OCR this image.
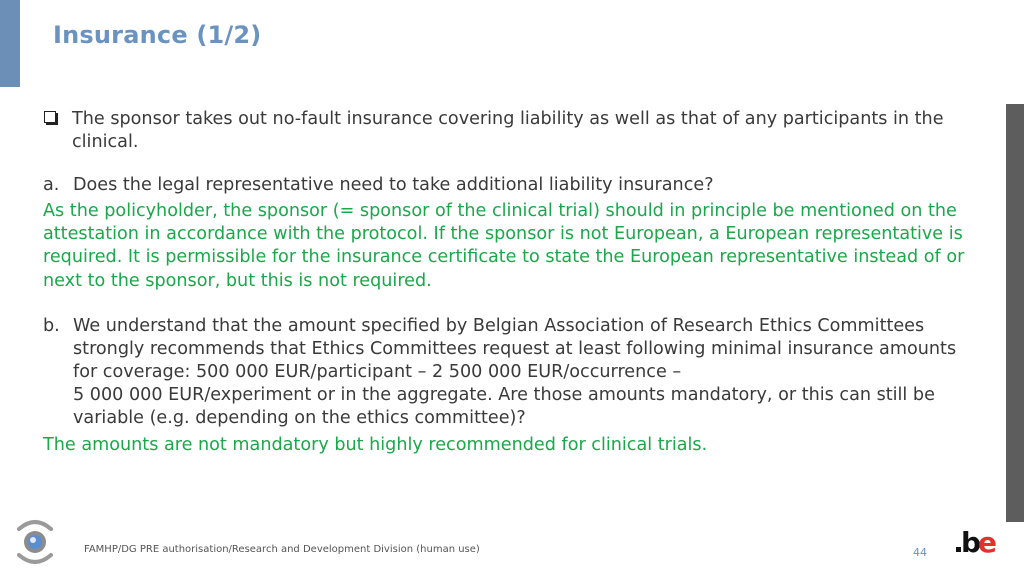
Insurance (1/2)
The sponsor takes out no-fault insurance covering liability as well as that of any participants in the clinical.
a. Does the legal representative need to take additional liability insurance?
As the policyholder, the sponsor (= sponsor of the clinical trial) should in principle be mentioned on the attestation in accordance with the protocol. If the sponsor is not European, a European representative is required. It is permissible for the insurance certificate to state the European representative instead of or next to the sponsor, but this is not required.
b. We understand that the amount specified by Belgian Association of Research Ethics Committees strongly recommends that Ethics Committees request at least following minimal insurance amounts for coverage: 500 000 EUR/participant – 2 500 000 EUR/occurrence –
5 000 000 EUR/experiment or in the aggregate. Are those amounts mandatory, or this can still be variable (e.g. depending on the ethics committee)?
The amounts are not mandatory but highly recommended for clinical trials.
FAMHP/DG PRE authorisation/Research and Development Division (human use)	44 b
e
